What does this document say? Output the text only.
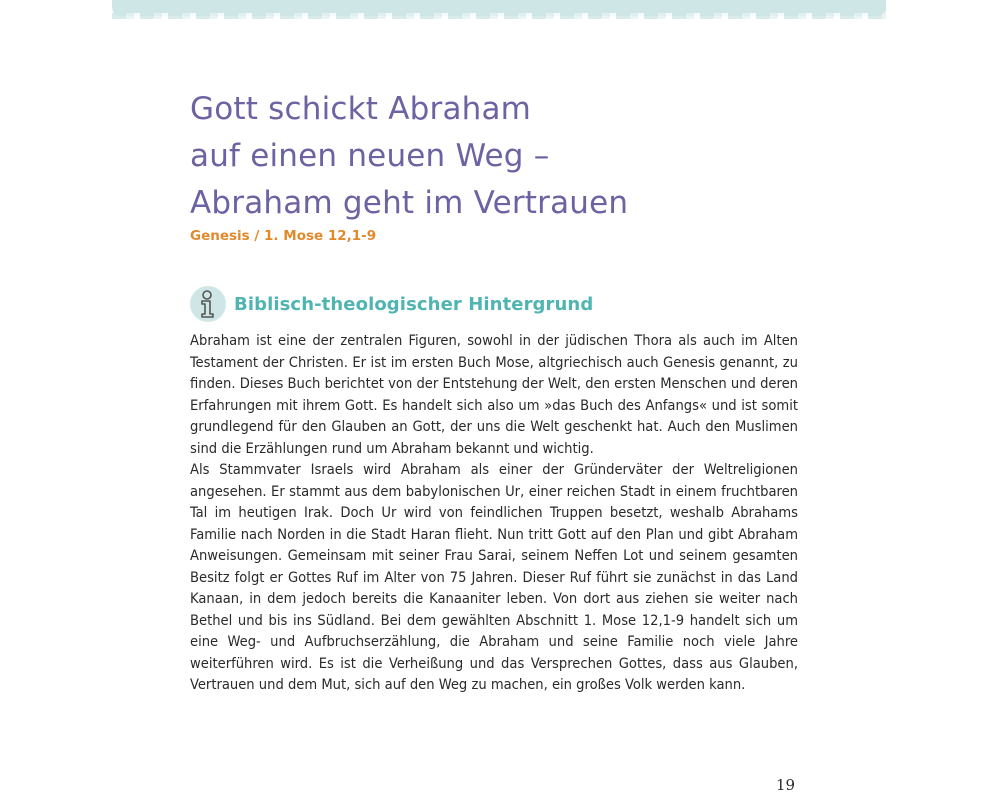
Gott schickt Abraham
auf einen neuen Weg –
Abraham geht im Vertrauen
Genesis / 1. Mose 12,1-9
Biblisch-theologischer Hintergrund

Abraham ist eine der zentralen Figuren, sowohl in der jüdischen Thora als auch im Alten Testament der Christen. Er ist im ersten Buch Mose, altgriechisch auch Genesis genannt, zu finden. Dieses Buch berichtet von der Entstehung der Welt, den ersten Menschen und deren Erfahrungen mit ihrem Gott. Es handelt sich also um »das Buch des Anfangs« und ist somit grundlegend für den Glauben an Gott, der uns die Welt geschenkt hat. Auch den Muslimen sind die Erzählungen rund um Abraham bekannt und wichtig.

Als Stammvater Israels wird Abraham als einer der Gründerväter der Weltreligionen angesehen. Er stammt aus dem babylonischen Ur, einer reichen Stadt in einem fruchtbaren Tal im heutigen Irak. Doch Ur wird von feindlichen Truppen besetzt, weshalb Abrahams Familie nach Norden in die Stadt Haran flieht. Nun tritt Gott auf den Plan und gibt Abraham Anweisungen. Gemeinsam mit seiner Frau Sarai, seinem Neffen Lot und seinem gesamten Besitz folgt er Gottes Ruf im Alter von 75 Jahren. Dieser Ruf führt sie zunächst in das Land Kanaan, in dem jedoch bereits die Kanaaniter leben. Von dort aus ziehen sie weiter nach Bethel und bis ins Südland. Bei dem gewählten Abschnitt 1. Mose 12,1-9 handelt sich um eine Weg- und Aufbruchserzählung, die Abraham und seine Familie noch viele Jahre weiterführen wird. Es ist die Verheißung und das Versprechen Gottes, dass aus Glauben, Vertrauen und dem Mut, sich auf den Weg zu machen, ein großes Volk werden kann.

19
